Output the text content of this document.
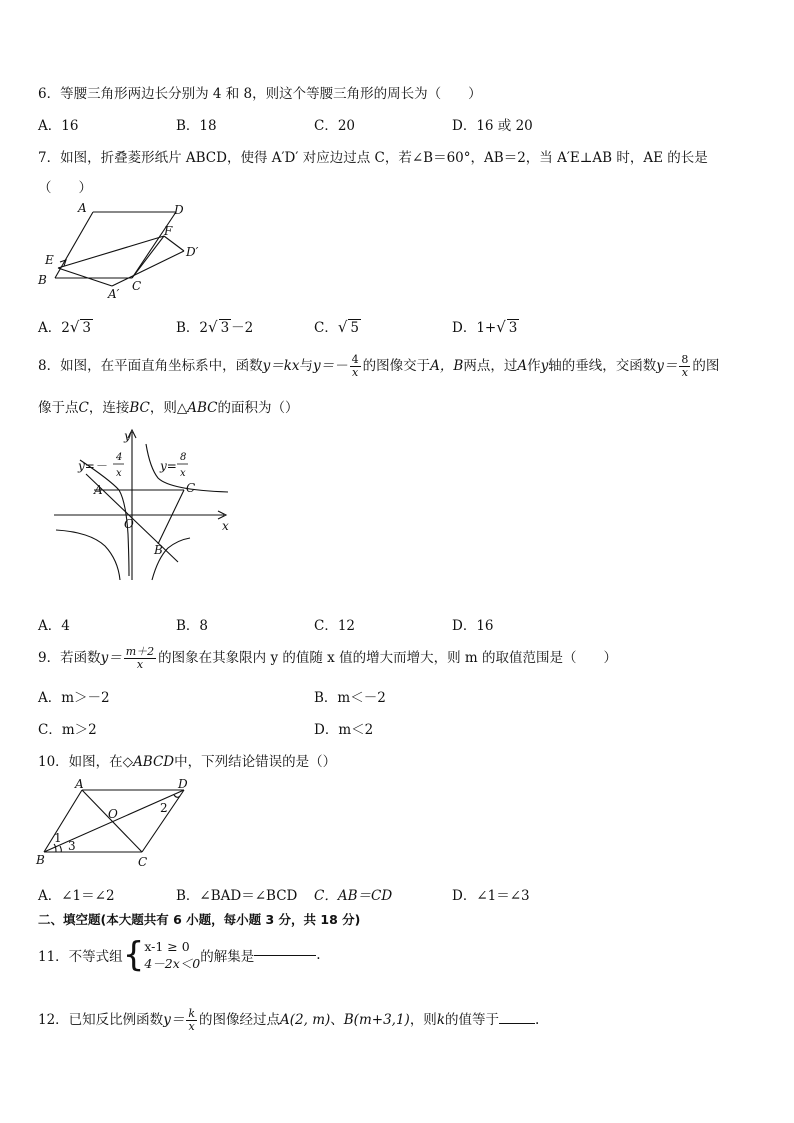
6．等腰三角形两边长分别为 4 和 8，则这个等腰三角形的周长为（　　）
A．16	B．18	C．20	D．16 或 20
7．如图，折叠菱形纸片 ABCD，使得 A′D′ 对应边过点 C，若∠B＝60°，AB＝2，当 A′E⊥AB 时，AE 的长是
（　　）
A	D
F
D′
E
B
A′
C
A．2√ 3	B．2√ 3 －2	C．√ 5	D．1+√ 3
8．如图，在平面直角坐标系中，函数y＝kx与$y=- \frac{4}{x}$ 的图像交于A，B两点，过A作y轴的垂线，交函数$y= \frac{8}{x}$ 的图
像于点C，连接BC，则△ABC的面积为（）
y
x
O
y=－
4
x
y=
8
x
A	C
B
A．4	B．8	C．12	D．16
9．若函数$y= \frac{m+2}{x}$ 的图象在其象限内 y 的值随 x 值的增大而增大，则 m 的取值范围是（　　）
A．m＞－2	B．m＜－2
C．m＞2	D．m＜2
10．如图，在◇ABCD中，下列结论错误的是（）
A	D
O	2
1
3
B	C
A．∠1＝∠2	B．∠BAD＝∠BCD C．AB＝CD	D．∠1＝∠3
二、填空题(本大题共有 6 小题，每小题 3 分，共 18 分)
11．不等式组{ x-1 ≥ 0
4－2x＜0 的解集是	.
12．已知反比例函数$y= \frac{k}{x}$ 的图像经过点A(2, m)、B(m+3,1)，则k的值等于	.
